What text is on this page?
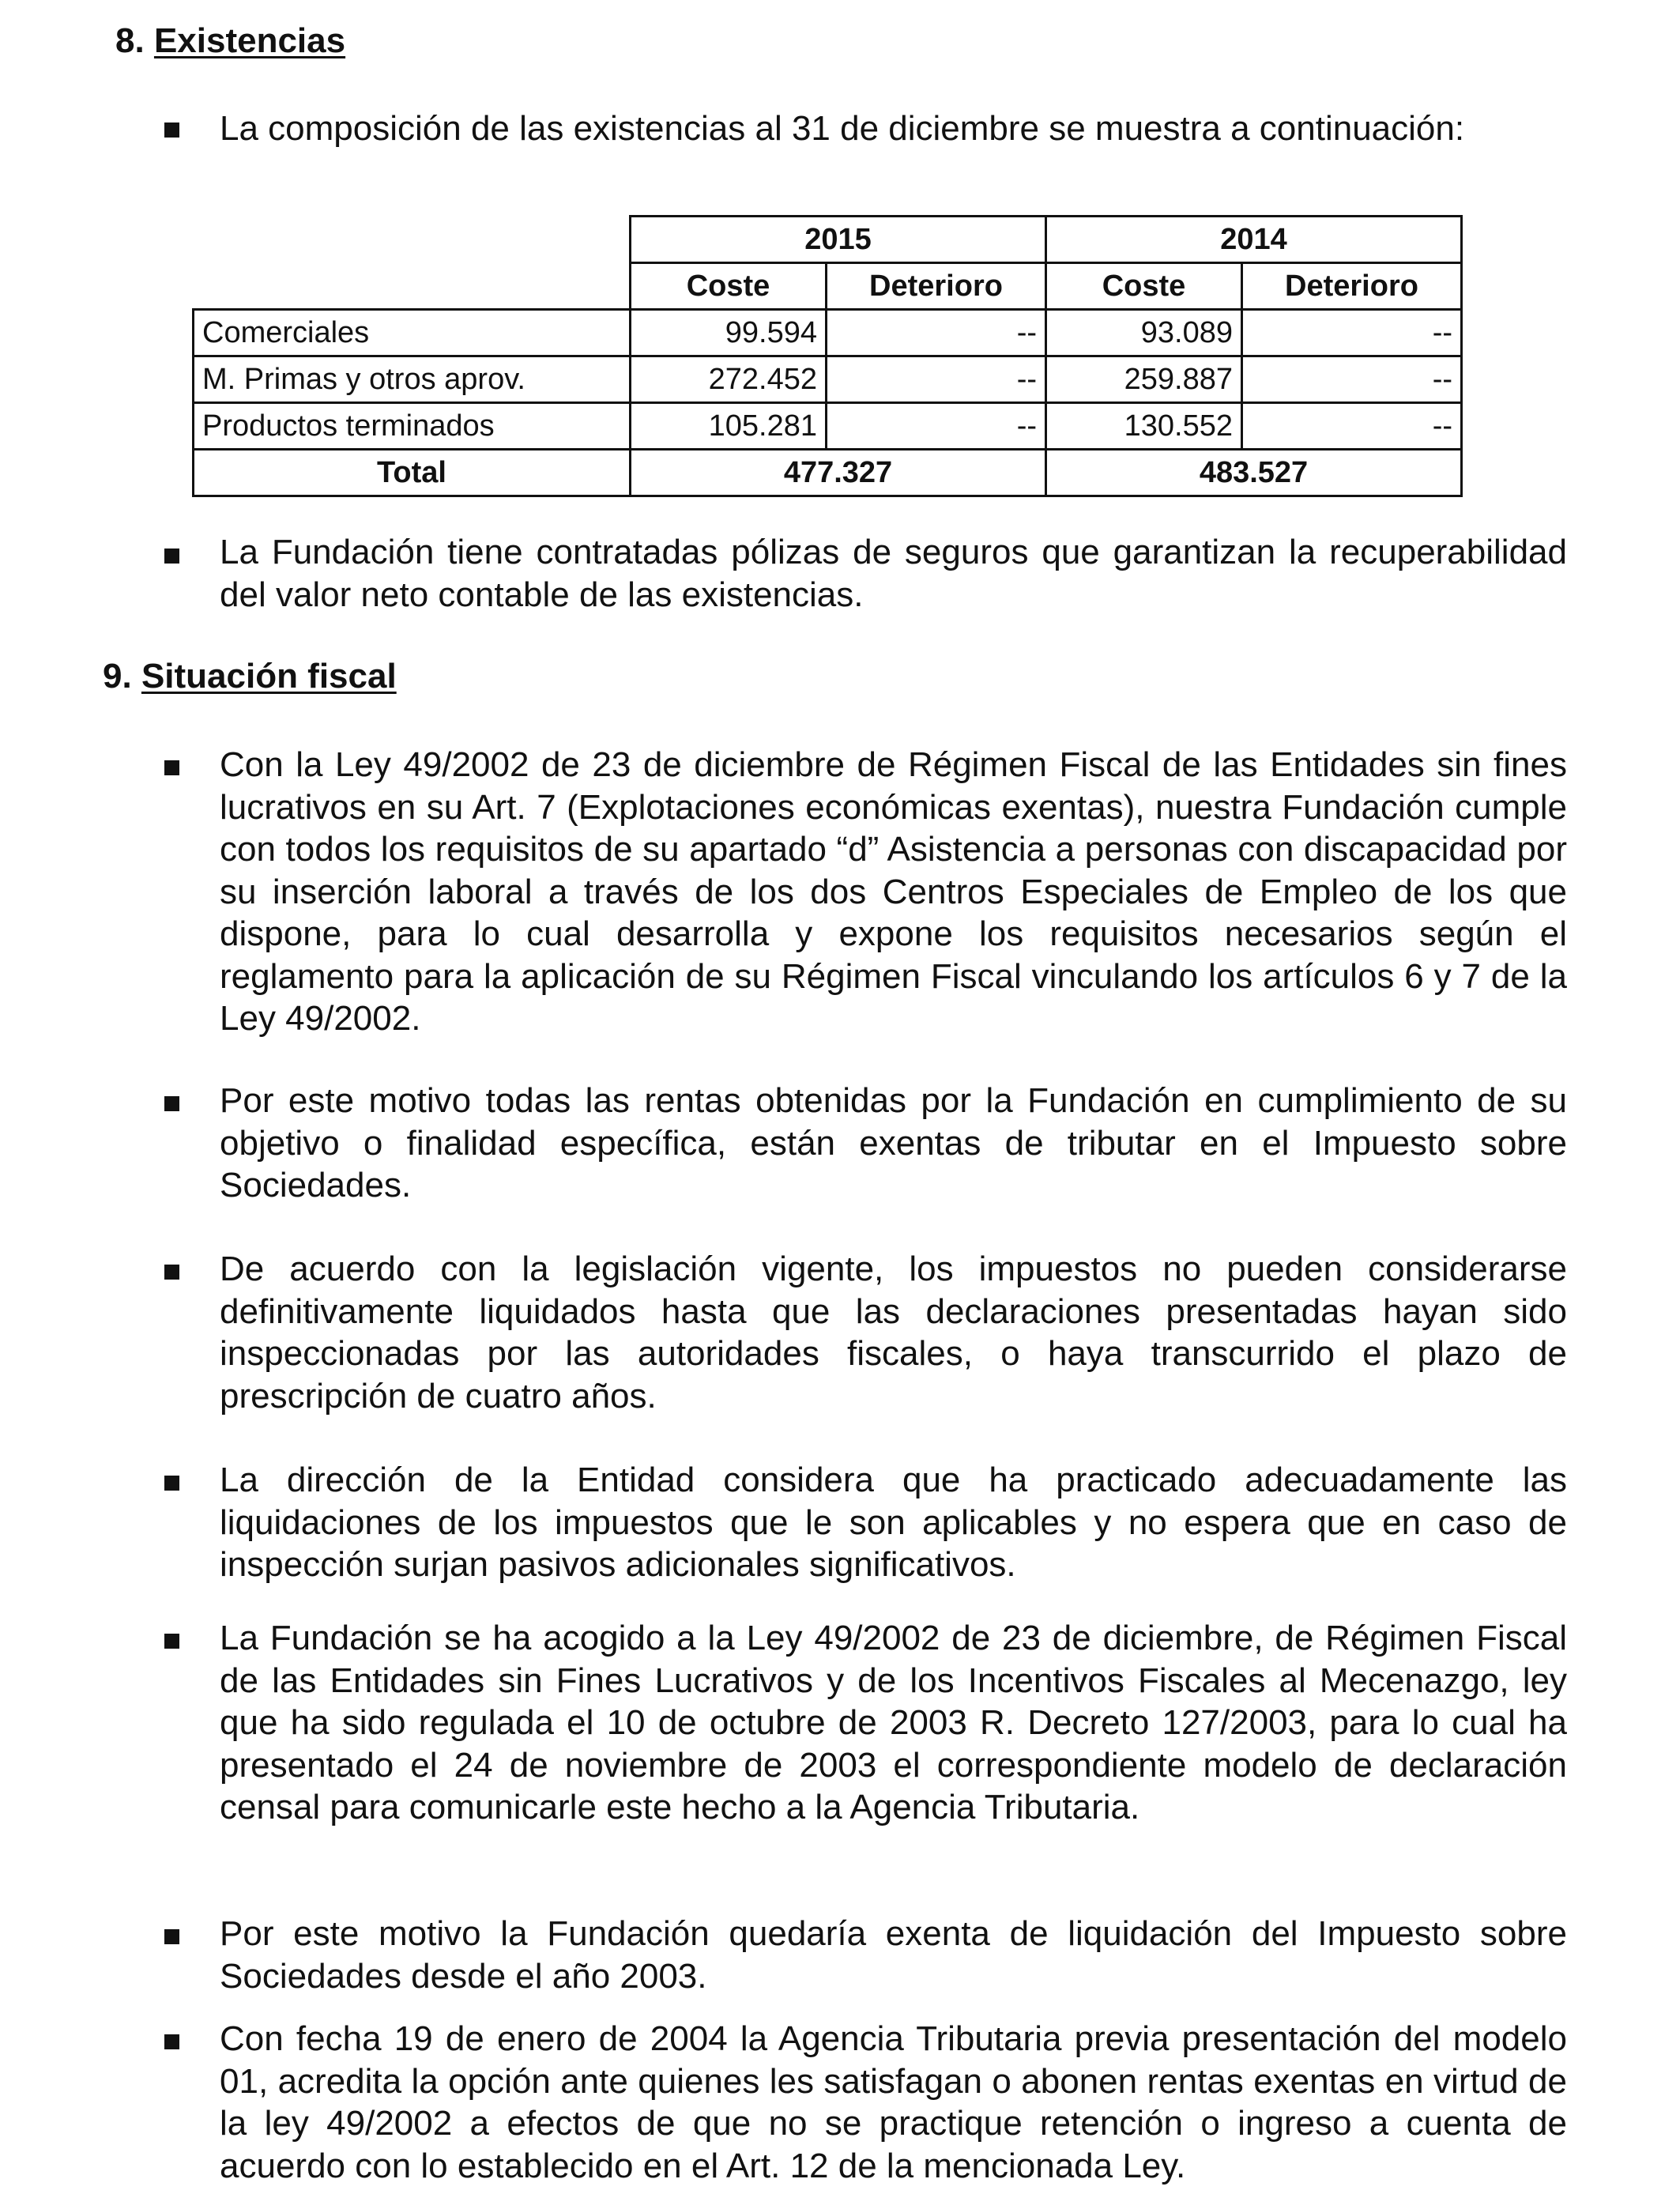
8. Existencias

La composición de las existencias al 31 de diciembre se muestra a continuación:

	2015		2014	
	Coste	Deterioro	Coste	Deterioro
Comerciales	99.594	--	93.089	--
M. Primas y otros aprov.	272.452	--	259.887	--
Productos terminados	105.281	--	130.552	--
Total	477.327		483.527	

La Fundación tiene contratadas pólizas de seguros que garantizan la recuperabilidad del valor neto contable de las existencias.

9. Situación fiscal

Con la Ley 49/2002 de 23 de diciembre de Régimen Fiscal de las Entidades sin fines lucrativos en su Art. 7 (Explotaciones económicas exentas), nuestra Fundación cumple con todos los requisitos de su apartado “d” Asistencia a personas con discapacidad por su inserción laboral a través de los dos Centros Especiales de Empleo de los que dispone, para lo cual desarrolla y expone los requisitos necesarios según el reglamento para la aplicación de su Régimen Fiscal vinculando los artículos 6 y 7 de la Ley 49/2002.

Por este motivo todas las rentas obtenidas por la Fundación en cumplimiento de su objetivo o finalidad específica, están exentas de tributar en el Impuesto sobre Sociedades.

De acuerdo con la legislación vigente, los impuestos no pueden considerarse definitivamente liquidados hasta que las declaraciones presentadas hayan sido inspeccionadas por las autoridades fiscales, o haya transcurrido el plazo de prescripción de cuatro años.

La dirección de la Entidad considera que ha practicado adecuadamente las liquidaciones de los impuestos que le son aplicables y no espera que en caso de inspección surjan pasivos adicionales significativos.

La Fundación se ha acogido a la Ley 49/2002 de 23 de diciembre, de Régimen Fiscal de las Entidades sin Fines Lucrativos y de los Incentivos Fiscales al Mecenazgo, ley que ha sido regulada el 10 de octubre de 2003 R. Decreto 127/2003, para lo cual ha presentado el 24 de noviembre de 2003 el correspondiente modelo de declaración censal para comunicarle este hecho a la Agencia Tributaria.

Por este motivo la Fundación quedaría exenta de liquidación del Impuesto sobre Sociedades desde el año 2003.

Con fecha 19 de enero de 2004 la Agencia Tributaria previa presentación del modelo 01, acredita la opción ante quienes les satisfagan o abonen rentas exentas en virtud de la ley 49/2002 a efectos de que no se practique retención o ingreso a cuenta de acuerdo con lo establecido en el Art. 12 de la mencionada Ley.
